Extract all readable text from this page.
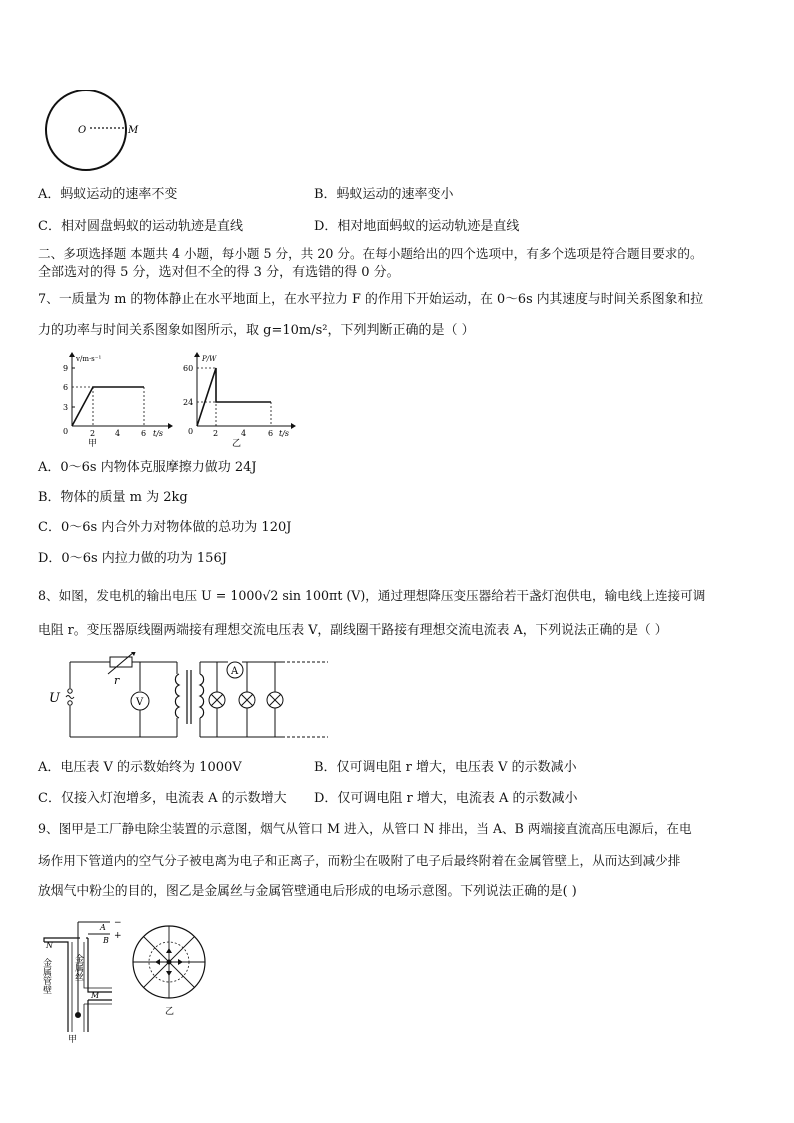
O	M
A．蚂蚁运动的速率不变	B．蚂蚁运动的速率变小
C．相对圆盘蚂蚁的运动轨迹是直线	D．相对地面蚂蚁的运动轨迹是直线
二、多项选择题 本题共 4 小题，每小题 5 分，共 20 分。在每小题给出的四个选项中，有多个选项是符合题目要求的。
全部选对的得 5 分，选对但不全的得 3 分，有选错的得 0 分。
7、一质量为 m 的物体静止在水平地面上，在水平拉力 F 的作用下开始运动，在 0～6s 内其速度与时间关系图象和拉
力的功率与时间关系图象如图所示，取 g=10m/s²，下列判断正确的是（ ）
v/m·s⁻¹
9
6
3
0	2 4	6 t/s
甲
P/W
60
24
0 2	4	6 t/s
乙
A．0～6s 内物体克服摩擦力做功 24J
B．物体的质量 m 为 2kg
C．0～6s 内合外力对物体做的总功为 120J
D．0～6s 内拉力做的功为 156J
8、如图，发电机的输出电压 U = 1000√2 sin 100πt (V)，通过理想降压变压器给若干盏灯泡供电，输电线上连接可调
电阻 r。变压器原线圈两端接有理想交流电压表 V，副线圈干路接有理想交流电流表 A，下列说法正确的是（ ）
U
r
V
A
A．电压表 V 的示数始终为 1000V	B．仅可调电阻 r 增大，电压表 V 的示数减小
C．仅接入灯泡增多，电流表 A 的示数增大 D．仅可调电阻 r 增大，电流表 A 的示数减小
9、图甲是工厂静电除尘装置的示意图，烟气从管口 M 进入，从管口 N 排出，当 A、B 两端接直流高压电源后，在电
场作用下管道内的空气分子被电离为电子和正离子，而粉尘在吸附了电子后最终附着在金属管壁上，从而达到减少排
放烟气中粉尘的目的，图乙是金属丝与金属管壁通电后形成的电场示意图。下列说法正确的是( )
−
+
A
B
N
M
金属管壁 金属丝
甲
乙
